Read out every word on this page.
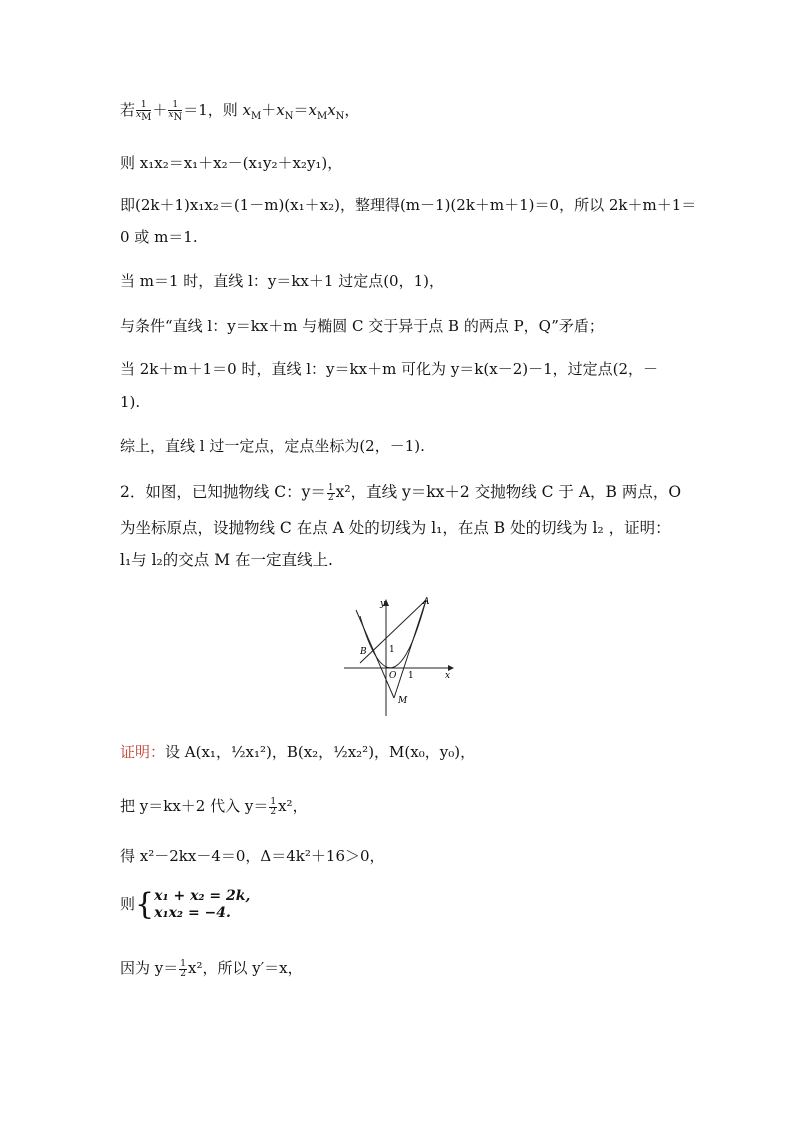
若 $\frac{1}{x_M} + \frac{1}{x_N} =1$，则 $x_M+x_N=x_Mx_N$，
则 x₁x₂＝x₁＋x₂－(x₁y₂＋x₂y₁)，
即(2k＋1)x₁x₂＝(1－m)(x₁＋x₂)，整理得(m－1)(2k＋m＋1)＝0，所以 2k＋m＋1＝
0 或 m＝1.
当 m＝1 时，直线 l：y＝kx＋1 过定点(0，1)，
与条件“直线 l：y＝kx＋m 与椭圆 C 交于异于点 B 的两点 P，Q”矛盾；
当 2k＋m＋1＝0 时，直线 l：y＝kx＋m 可化为 y＝k(x－2)－1，过定点(2，－
1).
综上，直线 l 过一定点，定点坐标为(2，－1).
2．如图，已知抛物线 C：$y= \frac{1}{2} x^2$，直线 y＝kx＋2 交抛物线 C 于 A，B 两点，O
为坐标原点，设抛物线 C 在点 A 处的切线为 l₁，在点 B 处的切线为 l₂ ，证明：
l₁与 l₂的交点 M 在一定直线上.
y
x
A
B
O
M
1
1
证明：设 A(x₁，½x₁²)，B(x₂，½x₂²)，M(x₀，y₀)，
把 y＝kx＋2 代入 $y= \frac{1}{2} x^2$，
得 x²－2kx－4＝0，Δ＝4k²＋16＞0，
则{ x₁ + x₂ = 2k,
x₁x₂ = −4.
因为 $y= \frac{1}{2} x^2$，所以 y′＝x，
